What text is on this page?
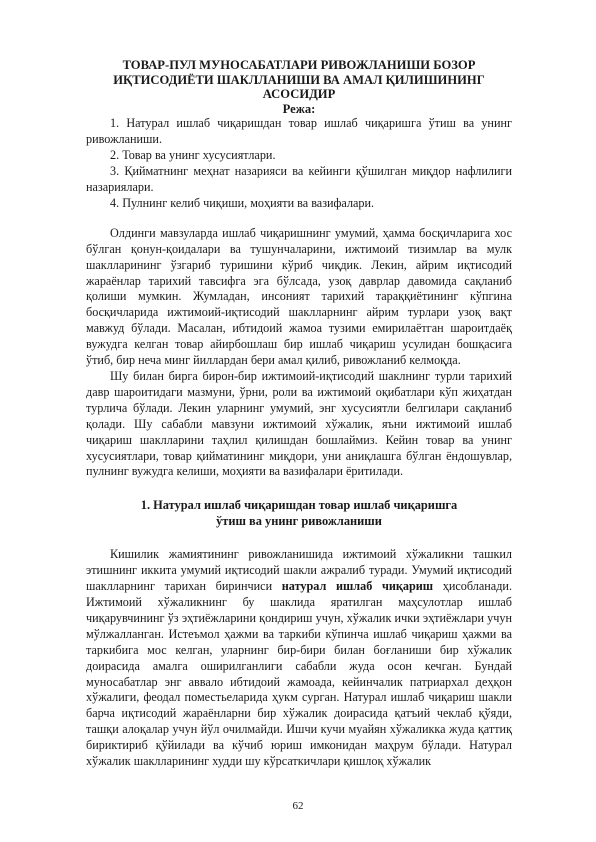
ТОВАР-ПУЛ МУНОСАБАТЛАРИ РИВОЖЛАНИШИ БОЗОР ИҚТИСОДИЁТИ ШАКЛЛАНИШИ ВА АМАЛ ҚИЛИШИНИНГ АСОСИДИР
Режа:
1. Натурал ишлаб чиқаришдан товар ишлаб чиқаришга ўтиш ва унинг ривожланиши.
2. Товар ва унинг хусусиятлари.
3. Қийматнинг меҳнат назарияси ва кейинги қўшилган миқдор нафлилиги назариялари.
4. Пулнинг келиб чиқиши, моҳияти ва вазифалари.

Олдинги мавзуларда ишлаб чиқаришнинг умумий, ҳамма босқичларига хос бўлган қонун-қоидалари ва тушунчаларини, ижтимоий тизимлар ва мулк шаклларининг ўзгариб туришини кўриб чиқдик. Лекин, айрим иқтисодий жараёнлар тарихий тавсифга эга бўлсада, узоқ даврлар давомида сақланиб қолиши мумкин. Жумладан, инсоният тарихий тараққиётининг кўпгина босқичларида ижтимоий-иқтисодий шаклларнинг айрим турлари узоқ вақт мавжуд бўлади. Масалан, ибтидоий жамоа тузими емирилаётган шароитдаёқ вужудга келган товар айирбошлаш бир ишлаб чиқариш усулидан бошқасига ўтиб, бир неча минг йиллардан бери амал қилиб, ривожланиб келмоқда.

Шу билан бирга бирон-бир ижтимоий-иқтисодий шаклнинг турли тарихий давр шароитидаги мазмуни, ўрни, роли ва ижтимоий оқибатлари кўп жиҳатдан турлича бўлади. Лекин уларнинг умумий, энг хусусиятли белгилари сақланиб қолади. Шу сабабли мавзуни ижтимоий хўжалик, яъни ижтимоий ишлаб чиқариш шаклларини таҳлил қилишдан бошлаймиз. Кейин товар ва унинг хусусиятлари, товар қийматининг миқдори, уни аниқлашга бўлган ёндошувлар, пулнинг вужудга келиши, моҳияти ва вазифалари ёритилади.

1. Натурал ишлаб чиқаришдан товар ишлаб чиқаришга
ўтиш ва унинг ривожланиши

Кишилик жамиятининг ривожланишида ижтимоий хўжаликни ташкил этишнинг иккита умумий иқтисодий шакли ажралиб туради. Умумий иқтисодий шаклларнинг тарихан биринчиси натурал ишлаб чиқариш ҳисобланади. Ижтимоий хўжаликнинг бу шаклида яратилган маҳсулотлар ишлаб чиқарувчининг ўз эҳтиёжларини қондириш учун, хўжалик ички эҳтиёжлари учун мўлжалланган. Истеъмол ҳажми ва таркиби кўпинча ишлаб чиқариш ҳажми ва таркибига мос келган, уларнинг бир-бири билан боғланиши бир хўжалик доирасида амалга оширилганлиги сабабли жуда осон кечган. Бундай муносабатлар энг аввало ибтидоий жамоада, кейинчалик патриархал деҳқон хўжалиги, феодал поместьеларида ҳукм сурган. Натурал ишлаб чиқариш шакли барча иқтисодий жараёнларни бир хўжалик доирасида қатъий чеклаб қўяди, ташқи алоқалар учун йўл очилмайди. Ишчи кучи муайян хўжаликка жуда қаттиқ бириктириб қўйилади ва кўчиб юриш имконидан маҳрум бўлади. Натурал хўжалик шаклларининг худди шу кўрсаткичлари қишлоқ хўжалик

62
